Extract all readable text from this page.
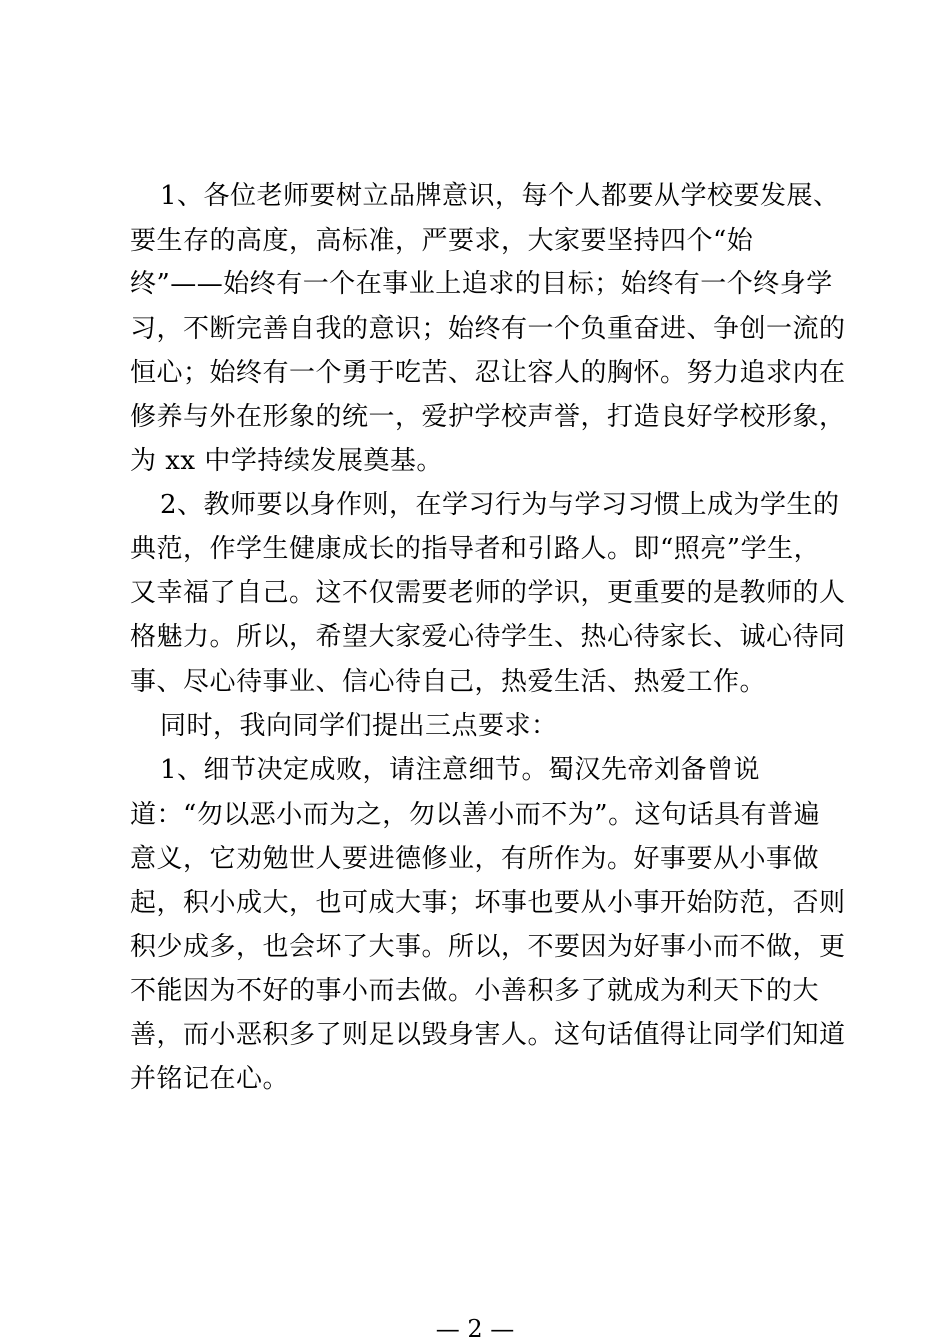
1、各位老师要树立品牌意识，每个人都要从学校要发展、
要生存的高度，高标准，严要求，大家要坚持四个“始
终”——始终有一个在事业上追求的目标；始终有一个终身学
习，不断完善自我的意识；始终有一个负重奋进、争创一流的
恒心；始终有一个勇于吃苦、忍让容人的胸怀。努力追求内在
修养与外在形象的统一，爱护学校声誉，打造良好学校形象，
为 xx 中学持续发展奠基。
2、教师要以身作则，在学习行为与学习习惯上成为学生的
典范，作学生健康成长的指导者和引路人。即“照亮”学生，
又幸福了自己。这不仅需要老师的学识，更重要的是教师的人
格魅力。所以，希望大家爱心待学生、热心待家长、诚心待同
事、尽心待事业、信心待自己，热爱生活、热爱工作。
同时，我向同学们提出三点要求：
1、细节决定成败，请注意细节。蜀汉先帝刘备曾说
道：“勿以恶小而为之，勿以善小而不为”。这句话具有普遍
意义，它劝勉世人要进德修业，有所作为。好事要从小事做
起，积小成大，也可成大事；坏事也要从小事开始防范，否则
积少成多，也会坏了大事。所以，不要因为好事小而不做，更
不能因为不好的事小而去做。小善积多了就成为利天下的大
善，而小恶积多了则足以毁身害人。这句话值得让同学们知道
并铭记在心。
— 2 —
